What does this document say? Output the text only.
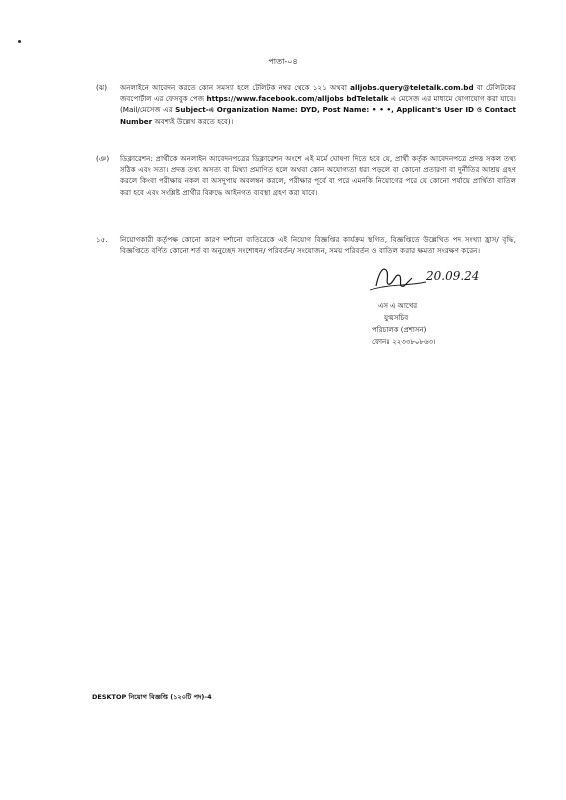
পাতা-০৪
(ঝ) অনলাইনে আবেদন করতে কোন সমস্যা হলে টেলিটক নম্বর থেকে ১২১ অথবা alljobs.query@teletalk.com.bd বা টেলিটকের জবপোর্টাল এর ফেসবুক পেজ https://www.facebook.com/alljobs bdTeletalk এ মেসেজ এর মাধ্যমে যোগাযোগ করা যাবে। (Mail/মেসেজ এর Subject-এ Organization Name: DYD, Post Name: • • •, Applicant's User ID ও Contact Number অবশ্যই উল্লেখ করতে হবে)।
(ঞ) ডিক্লারেশন: প্রার্থীকে অনলাইন আবেদনপত্রের ডিক্লারেশন অংশে এই মর্মে ঘোষণা দিতে হবে যে, প্রার্থী কর্তৃক আবেদনপত্রে প্রদত্ত সকল তথ্য সঠিক এবং সত্য। প্রদত্ত তথ্য অসত্য বা মিথ্যা প্রমাণিত হলে অথবা কোন অযোগ্যতা ধরা পড়লে বা কোনো প্রতারণা বা দুর্নীতির আশ্রয় গ্রহণ করলে কিংবা পরীক্ষায় নকল বা অসদুপায় অবলম্বন করলে, পরীক্ষার পূর্বে বা পরে এমনকি নিয়োগের পরে যে কোনো পর্যায়ে প্রার্থিতা বাতিল করা হবে এবং সংশ্লিষ্ট প্রার্থীর বিরুদ্ধে আইনগত ব্যবস্থা গ্রহণ করা যাবে।
১৫. নিয়োগকারী কর্তৃপক্ষ কোনো কারণ দর্শানো ব্যতিরেকে এই নিয়োগ বিজ্ঞপ্তির কার্যক্রম স্থগিত, বিজ্ঞপ্তিতে উল্লেখিত পদ সংখ্যা হ্রাস/ বৃদ্ধি, বিজ্ঞপ্তিতে বর্ণিত কোনো শর্ত বা অনুচ্ছেদ সংশোধন/ পরিবর্তন/ সংযোজন, সময় পরিবর্তন ও বাতিল করার ক্ষমতা সংরক্ষণ করেন।
20.09.24
এস এ আখের
যুগ্মসচিব
পরিচালক (প্রশাসন)
ফোনঃ ২২৩৩৮০৮৬৩।
DESKTOP নিয়োগ বিজ্ঞপ্তি (১২০টি পদ)-4
